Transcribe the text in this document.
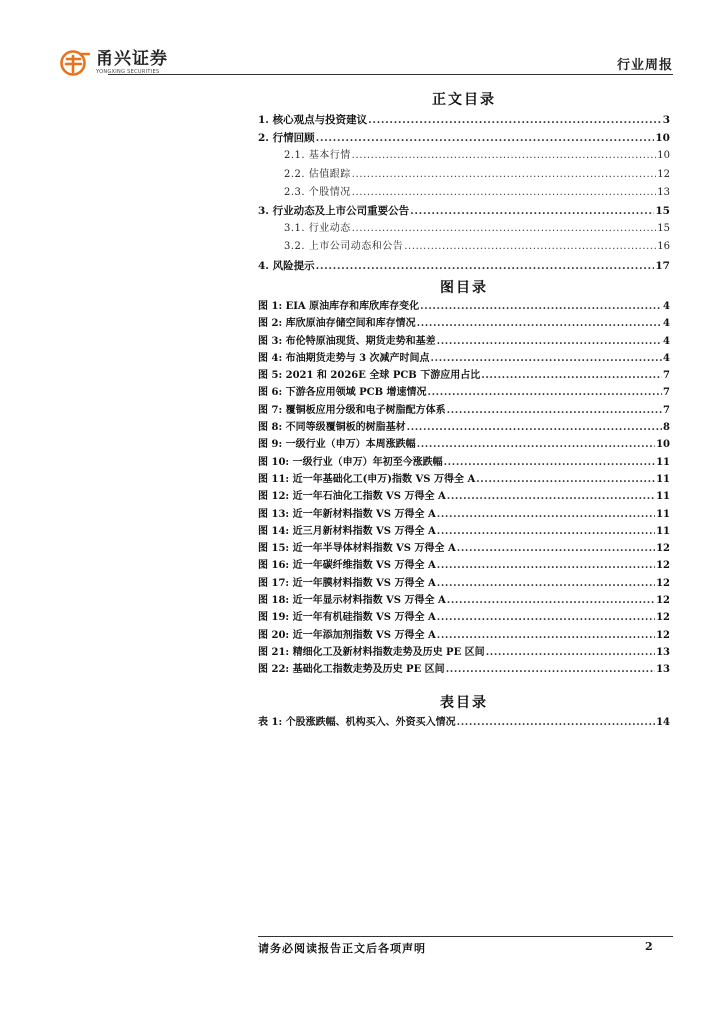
甬兴证券
YONGXING SECURITIES	行业周报
正文目录
1. 核心观点与投资建议 .....	3
2. 行情回顾 .....	10
2.1. 基本行情 .....	10
2.2. 估值跟踪 .....	12
2.3. 个股情况 .....	13
3. 行业动态及上市公司重要公告 .....	15
3.1. 行业动态 .....	15
3.2. 上市公司动态和公告 .....	16
4. 风险提示 .....	17
图目录
图 1: EIA 原油库存和库欣库存变化 .....	4
图 2: 库欣原油存储空间和库存情况 .....	4
图 3: 布伦特原油现货、期货走势和基差 .....	4
图 4: 布油期货走势与 3 次减产时间点 .....	4
图 5: 2021 和 2026E 全球 PCB 下游应用占比 .....	7
图 6: 下游各应用领域 PCB 增速情况 .....	7
图 7: 覆铜板应用分级和电子树脂配方体系 .....	7
图 8: 不同等级覆铜板的树脂基材 .....	8
图 9: 一级行业（申万）本周涨跌幅 .....	10
图 10: 一级行业（申万）年初至今涨跌幅 .....	11
图 11: 近一年基础化工(申万)指数 VS 万得全 A .....	11
图 12: 近一年石油化工指数 VS 万得全 A .....	11
图 13: 近一年新材料指数 VS 万得全 A .....	11
图 14: 近三月新材料指数 VS 万得全 A .....	11
图 15: 近一年半导体材料指数 VS 万得全 A .....	12
图 16: 近一年碳纤维指数 VS 万得全 A .....	12
图 17: 近一年膜材料指数 VS 万得全 A .....	12
图 18: 近一年显示材料指数 VS 万得全 A .....	12
图 19: 近一年有机硅指数 VS 万得全 A .....	12
图 20: 近一年添加剂指数 VS 万得全 A .....	12
图 21: 精细化工及新材料指数走势及历史 PE 区间 .....	13
图 22: 基础化工指数走势及历史 PE 区间 .....	13
表目录
表 1: 个股涨跌幅、机构买入、外资买入情况 .....	14
请务必阅读报告正文后各项声明	2
